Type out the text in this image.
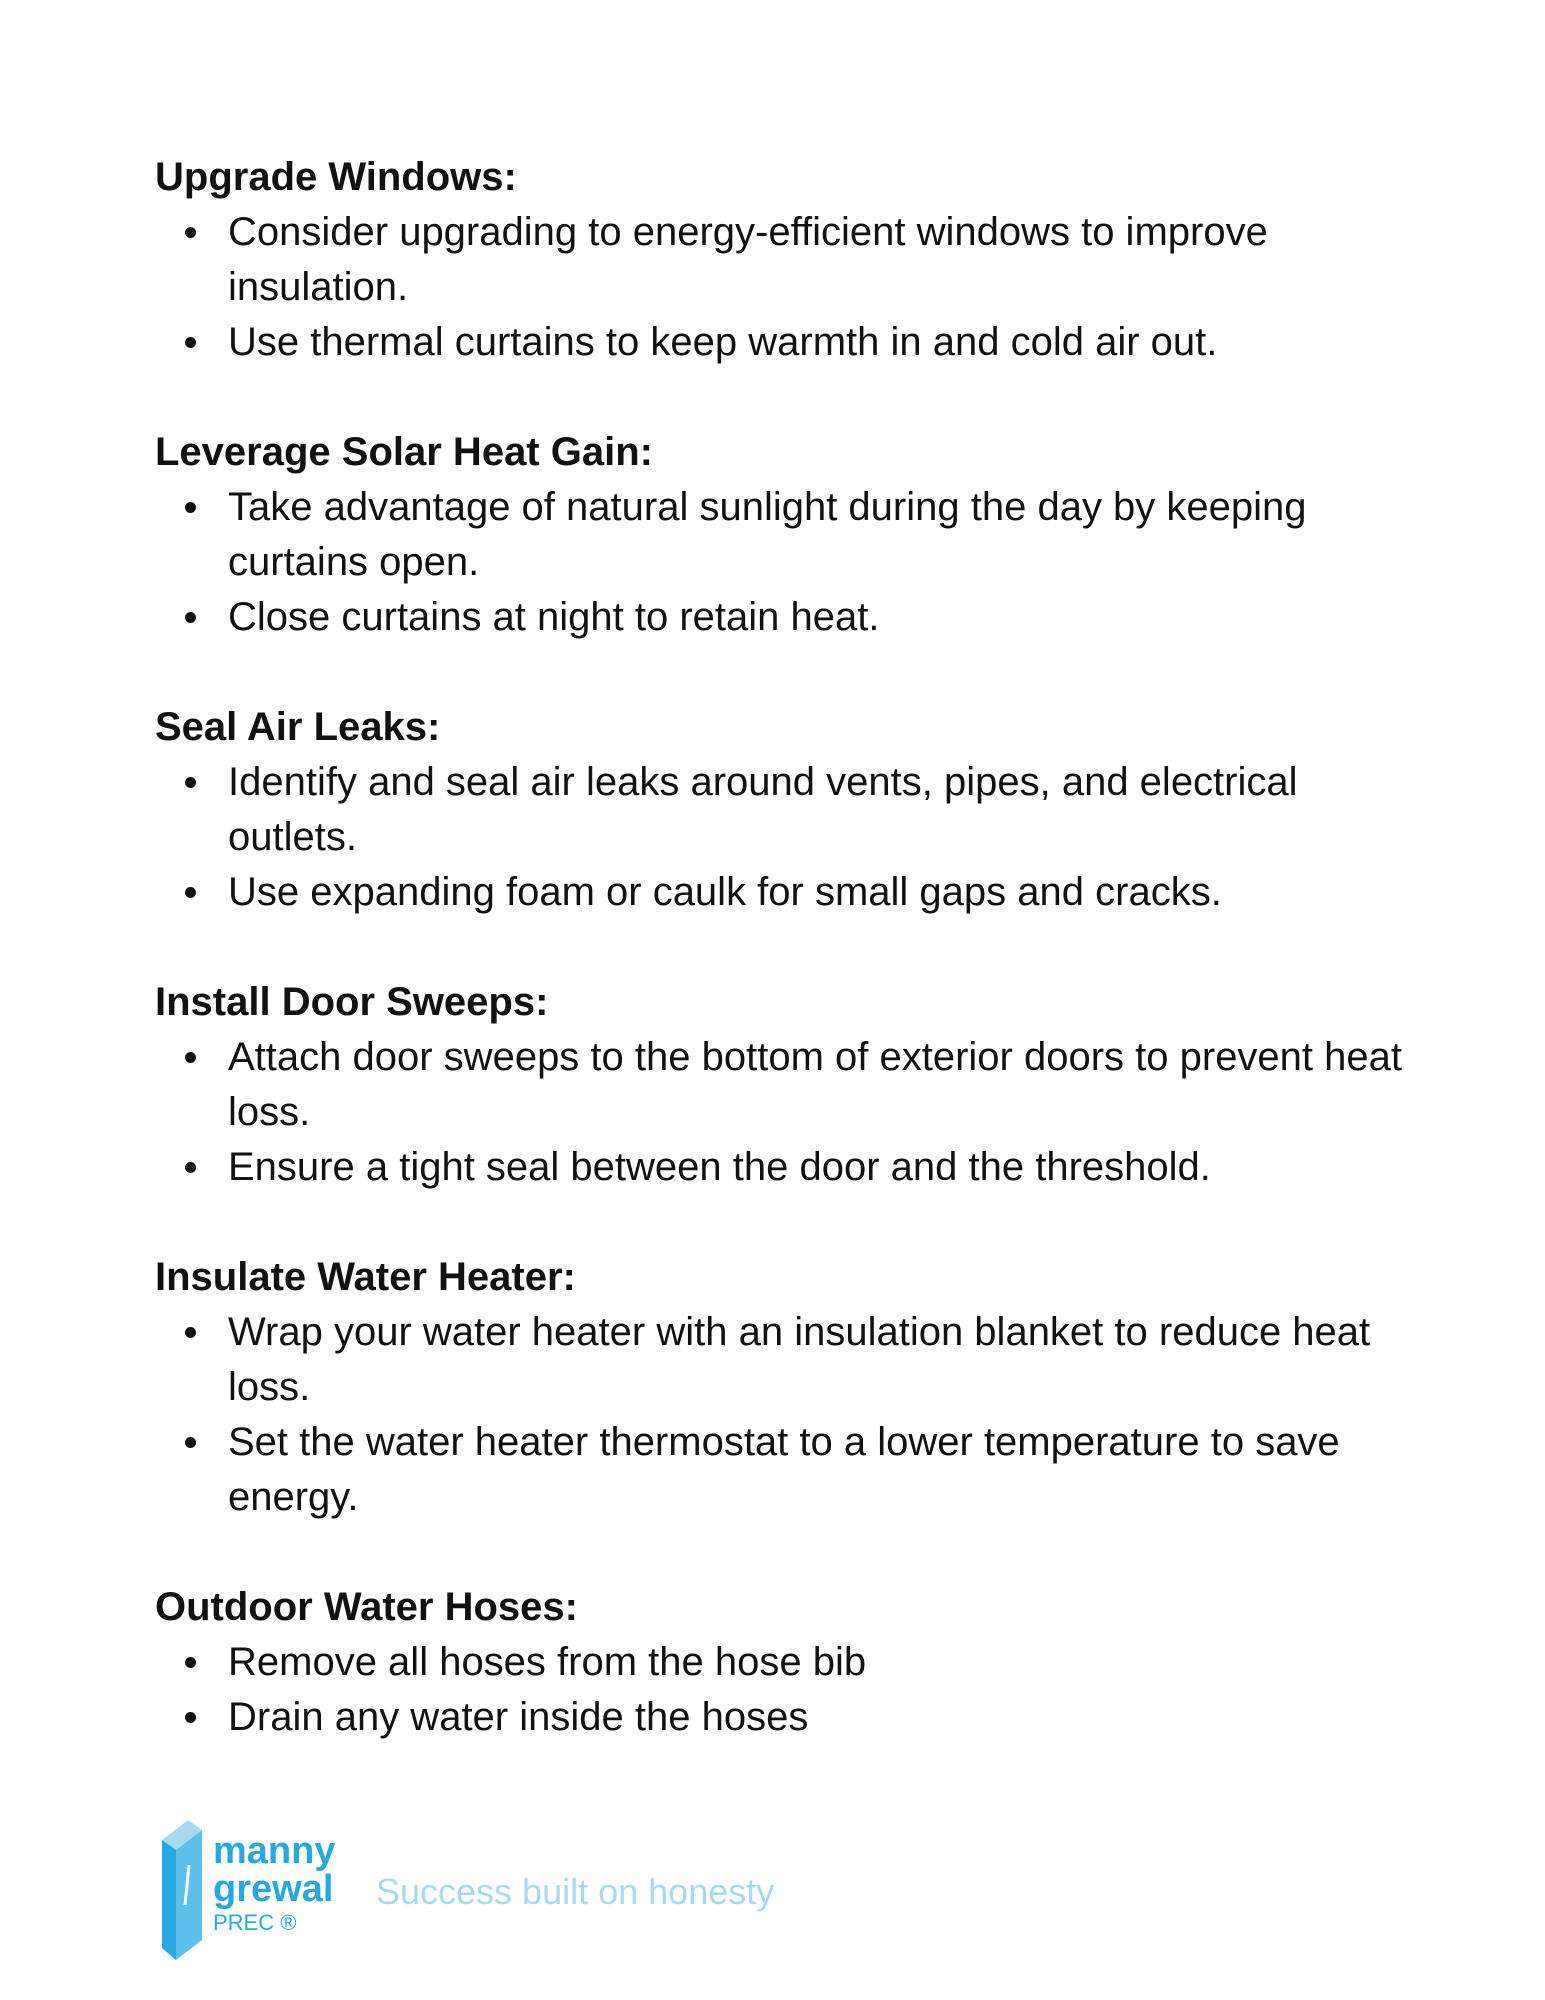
Upgrade Windows:

Consider upgrading to energy-efficient windows to improve insulation.
Use thermal curtains to keep warmth in and cold air out.

Leverage Solar Heat Gain:

Take advantage of natural sunlight during the day by keeping curtains open.
Close curtains at night to retain heat.

Seal Air Leaks:

Identify and seal air leaks around vents, pipes, and electrical outlets.
Use expanding foam or caulk for small gaps and cracks.

Install Door Sweeps:

Attach door sweeps to the bottom of exterior doors to prevent heat loss.
Ensure a tight seal between the door and the threshold.

Insulate Water Heater:

Wrap your water heater with an insulation blanket to reduce heat loss.
Set the water heater thermostat to a lower temperature to save energy.

Outdoor Water Hoses:

Remove all hoses from the hose bib
Drain any water inside the hoses
manny
grewal
PREC ®
Success built on honesty
